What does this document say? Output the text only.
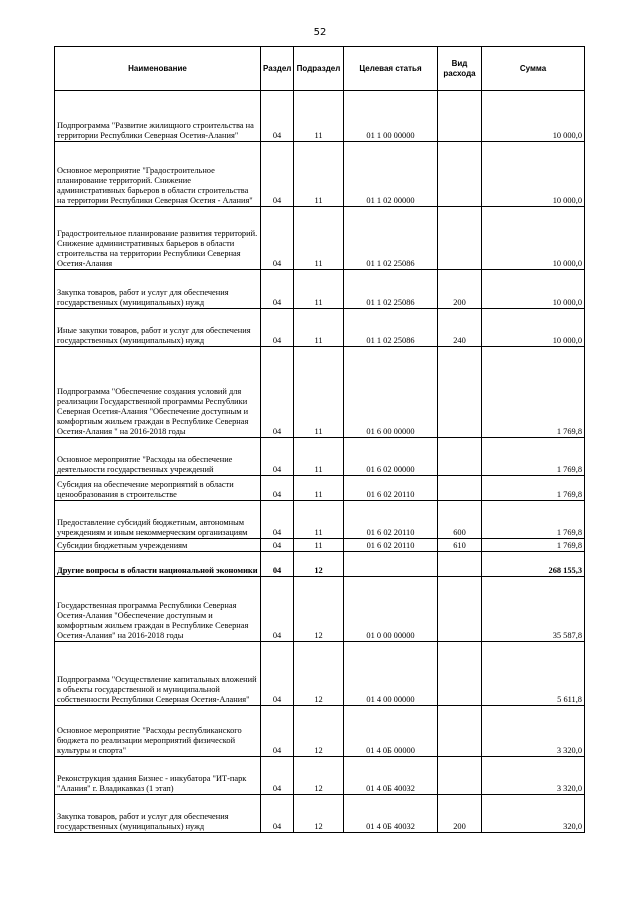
52
Наименование	Раздел	Подраздел	Целевая статья	Вид расхода	Сумма
Подпрограмма "Развитие жилищного строительства на территории Республики Северная Осетия-Алания"	04	11	01 1 00 00000		10 000,0
Основное мероприятие "Градостроительное планирование территорий. Снижение административных барьеров в области строительства на территории Республики Северная Осетия - Алания"	04	11	01 1 02 00000		10 000,0
Градостроительное планирование развития территорий. Снижение административных барьеров в области строительства на территории Республики Северная Осетия-Алания	04	11	01 1 02 25086		10 000,0
Закупка товаров, работ и услуг для обеспечения государственных (муниципальных) нужд	04	11	01 1 02 25086	200	10 000,0
Иные закупки товаров, работ и услуг для обеспечения государственных (муниципальных) нужд	04	11	01 1 02 25086	240	10 000,0
Подпрограмма "Обеспечение создания условий для реализации Государственной программы Республики Северная Осетия-Алания "Обеспечение доступным и комфортным жильем граждан в Республике Северная Осетия-Алания " на 2016-2018 годы	04	11	01 6 00 00000		1 769,8
Основное мероприятие "Расходы на обеспечение деятельности государственных учреждений	04	11	01 6 02 00000		1 769,8
Субсидия на обеспечение мероприятий в области ценообразования в строительстве	04	11	01 6 02 20110		1 769,8
Предоставление субсидий бюджетным, автономным учреждениям и иным некоммерческим организациям	04	11	01 6 02 20110	600	1 769,8
Субсидии бюджетным учреждениям	04	11	01 6 02 20110	610	1 769,8
Другие вопросы в области национальной экономики	04	12			268 155,3
Государственная программа Республики Северная Осетия-Алания "Обеспечение доступным и комфортным жильем граждан в Республике Северная Осетия-Алания" на 2016-2018 годы	04	12	01 0 00 00000		35 587,8
Подпрограмма "Осуществление капитальных вложений в объекты государственной и муниципальной собственности Республики Северная Осетия-Алания"	04	12	01 4 00 00000		5 611,8
Основное мероприятие "Расходы республиканского бюджета по реализации мероприятий физической культуры и спорта"	04	12	01 4 0Б 00000		3 320,0
Реконструкция здания Бизнес - инкубатора "ИТ-парк "Алания" г. Владикавказ (1 этап)	04	12	01 4 0Б 40032		3 320,0
Закупка товаров, работ и услуг для обеспечения государственных (муниципальных) нужд	04	12	01 4 0Б 40032	200	320,0
